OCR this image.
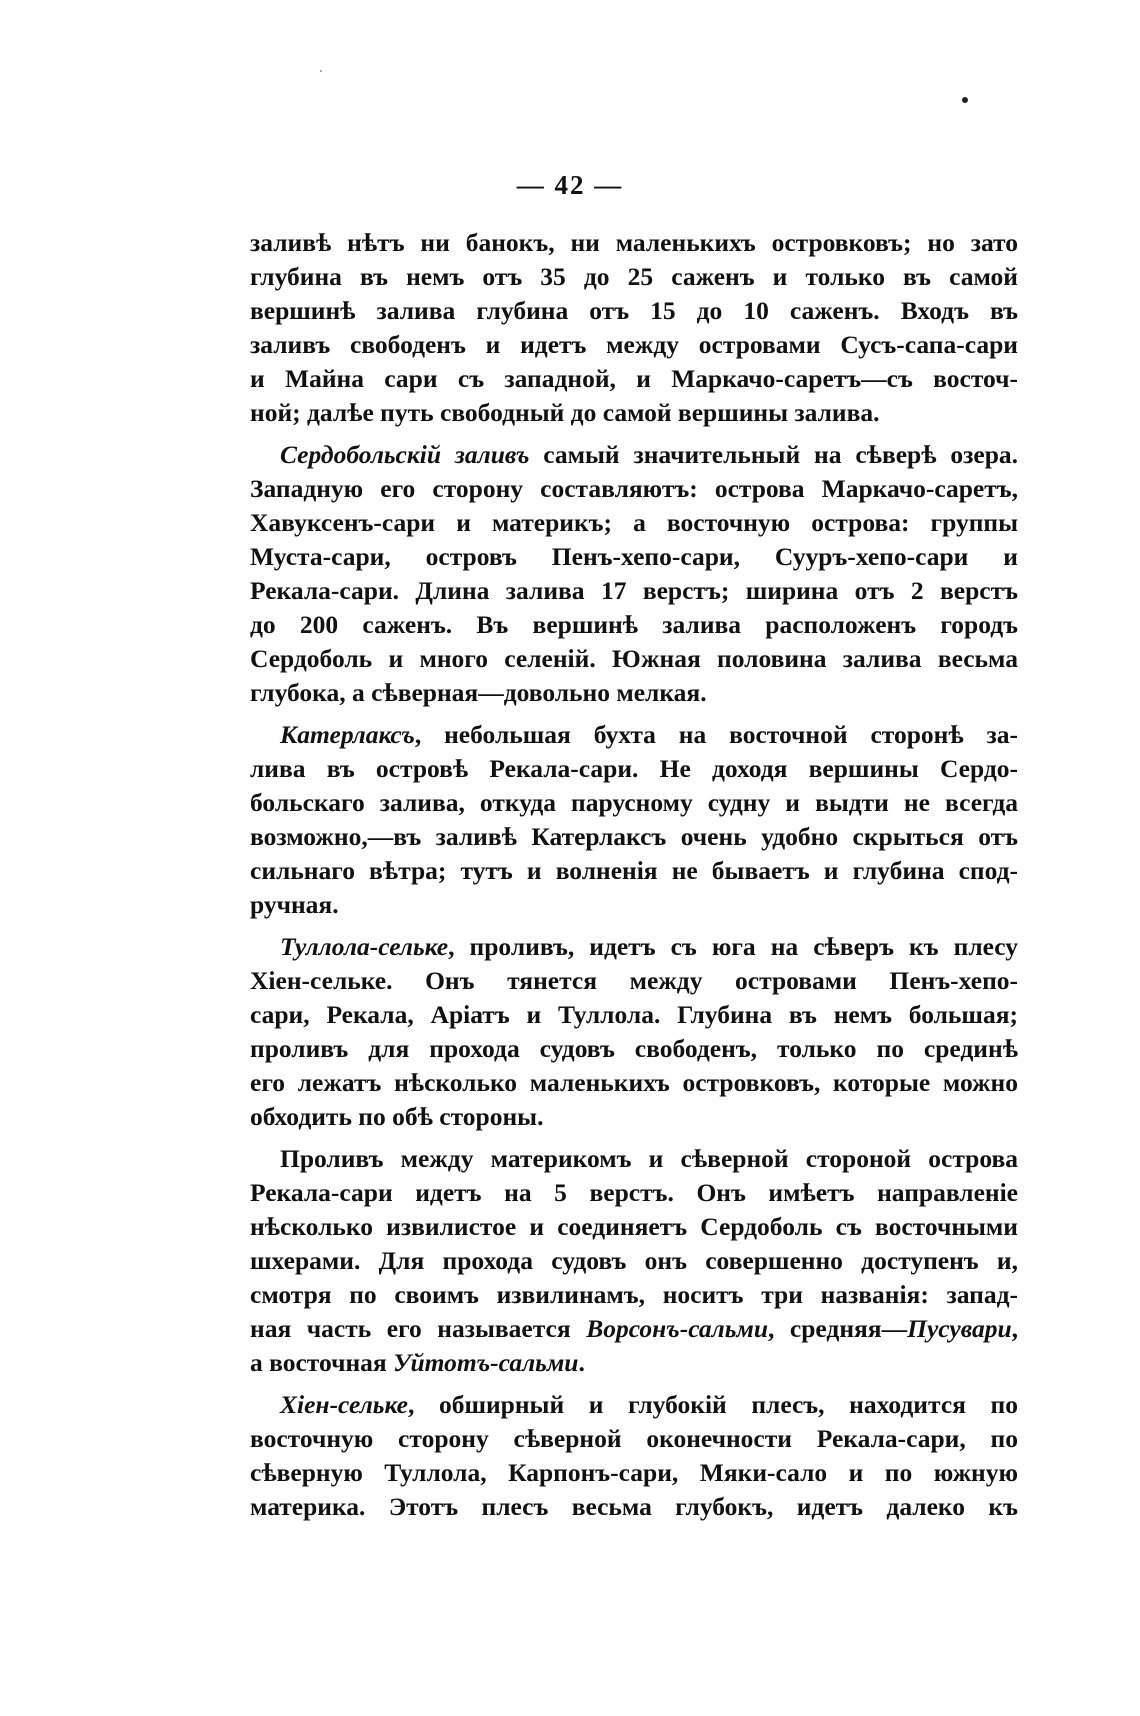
— 42 —

заливѣ нѣтъ ни банокъ, ни маленькихъ островковъ; но зато
глубина въ немъ отъ 35 до 25 саженъ и только въ самой
вершинѣ залива глубина отъ 15 до 10 саженъ. Входъ въ
заливъ свободенъ и идетъ между островами Сусъ-сапа-сари
и Майна сари съ западной, и Маркачо-саретъ—съ восточ-
ной; далѣе путь свободный до самой вершины залива.

Сердобольскій заливъ самый значительный на сѣверѣ озера.
Западную его сторону составляютъ: острова Маркачо-саретъ,
Хавуксенъ-сари и материкъ; а восточную острова: группы
Муста-сари, островъ Пенъ-хепо-сари, Сууръ-хепо-сари и
Рекала-сари. Длина залива 17 верстъ; ширина отъ 2 верстъ
до 200 саженъ. Въ вершинѣ залива расположенъ городъ
Сердоболь и много селеній. Южная половина залива весьма
глубока, а сѣверная—довольно мелкая.

Катерлаксъ, небольшая бухта на восточной сторонѣ за-
лива въ островѣ Рекала-сари. Не доходя вершины Сердо-
больскаго залива, откуда парусному судну и выдти не всегда
возможно,—въ заливѣ Катерлаксъ очень удобно скрыться отъ
сильнаго вѣтра; тутъ и волненія не бываетъ и глубина спод-
ручная.

Туллола-сельке, проливъ, идетъ съ юга на сѣверъ къ плесу
Хіен-сельке. Онъ тянется между островами Пенъ-хепо-
сари, Рекала, Аріатъ и Туллола. Глубина въ немъ большая;
проливъ для прохода судовъ свободенъ, только по срединѣ
его лежатъ нѣсколько маленькихъ островковъ, которые можно
обходить по обѣ стороны.

Проливъ между материкомъ и сѣверной стороной острова
Рекала-сари идетъ на 5 верстъ. Онъ имѣетъ направленіе
нѣсколько извилистое и соединяетъ Сердоболь съ восточными
шхерами. Для прохода судовъ онъ совершенно доступенъ и,
смотря по своимъ извилинамъ, носитъ три названія: запад-
ная часть его называется Ворсонъ-сальми, средняя—Пусувари,
а восточная Уйтотъ-сальми.

Хіен-сельке, обширный и глубокій плесъ, находится по
восточную сторону сѣверной оконечности Рекала-сари, по
сѣверную Туллола, Карпонъ-сари, Мяки-сало и по южную
материка. Этотъ плесъ весьма глубокъ, идетъ далеко къ
